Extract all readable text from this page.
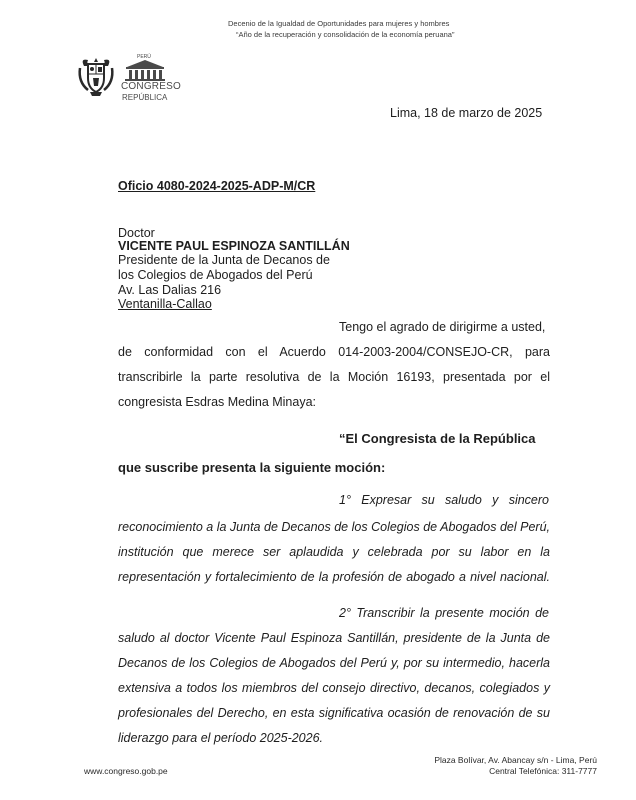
Decenio de la Igualdad de Oportunidades para mujeres y hombres
“Año de la recuperación y consolidación de la economía peruana”
PERÚ
CONGRESO
REPÚBLICA
Lima, 18 de marzo de 2025
Oficio 4080-2024-2025-ADP-M/CR
Doctor
VICENTE PAUL ESPINOZA SANTILLÁN
Presidente de la Junta de Decanos de
los Colegios de Abogados del Perú
Av. Las Dalias 216
Ventanilla-Callao
Tengo el agrado de dirigirme a usted,
de conformidad con el Acuerdo 014-2003-2004/CONSEJO-CR, para
transcribirle la parte resolutiva de la Moción 16193, presentada por el
congresista Esdras Medina Minaya:
“El Congresista de la República
que suscribe presenta la siguiente moción:
1° Expresar su saludo y sincero
reconocimiento a la Junta de Decanos de los Colegios de Abogados del Perú,
institución que merece ser aplaudida y celebrada por su labor en la
representación y fortalecimiento de la profesión de abogado a nivel nacional.
2° Transcribir la presente moción de
saludo al doctor Vicente Paul Espinoza Santillán, presidente de la Junta de
Decanos de los Colegios de Abogados del Perú y, por su intermedio, hacerla
extensiva a todos los miembros del consejo directivo, decanos, colegiados y
profesionales del Derecho, en esta significativa ocasión de renovación de su
liderazgo para el período 2025-2026.
www.congreso.gob.pe
Plaza Bolívar, Av. Abancay s/n - Lima, Perú
Central Telefónica: 311-7777
